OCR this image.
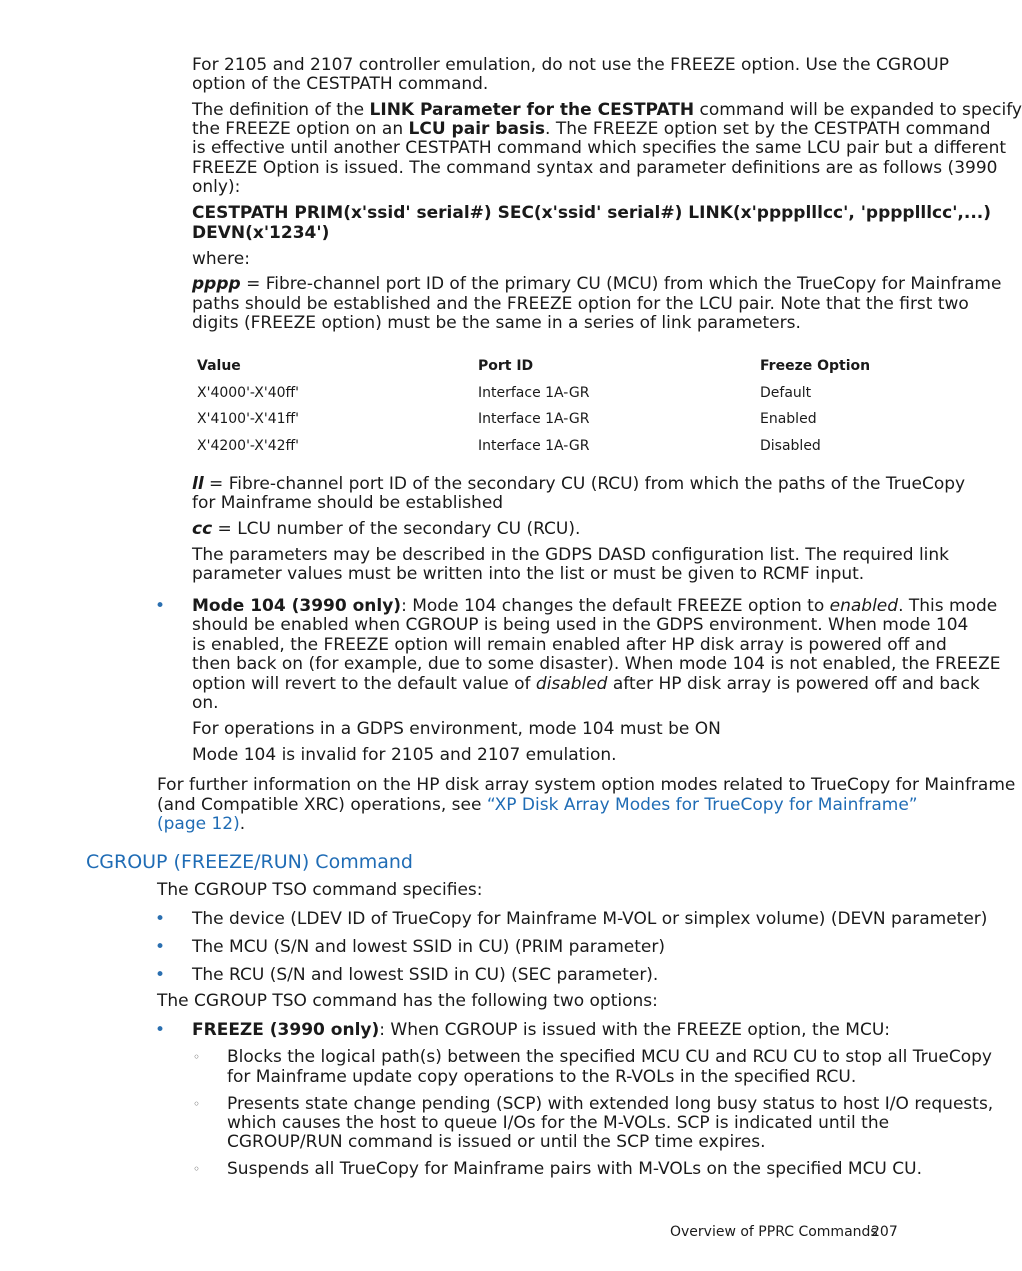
For 2105 and 2107 controller emulation, do not use the FREEZE option. Use the CGROUP

option of the CESTPATH command.

The definition of the LINK Parameter for the CESTPATH command will be expanded to specify

the FREEZE option on an LCU pair basis. The FREEZE option set by the CESTPATH command

is effective until another CESTPATH command which specifies the same LCU pair but a different

FREEZE Option is issued. The command syntax and parameter definitions are as follows (3990

only):

CESTPATH PRIM(x'ssid' serial#) SEC(x'ssid' serial#) LINK(x'pppplllcc', 'pppplllcc',...)

DEVN(x'1234')

where:

pppp = Fibre-channel port ID of the primary CU (MCU) from which the TrueCopy for Mainframe

paths should be established and the FREEZE option for the LCU pair. Note that the first two

digits (FREEZE option) must be the same in a series of link parameters.

Value	Port ID	Freeze Option

X'4000'-X'40ff'	Interface 1A-GR	Default

X'4100'-X'41ff'	Interface 1A-GR	Enabled

X'4200'-X'42ff'	Interface 1A-GR	Disabled

ll = Fibre-channel port ID of the secondary CU (RCU) from which the paths of the TrueCopy

for Mainframe should be established

cc = LCU number of the secondary CU (RCU).

The parameters may be described in the GDPS DASD configuration list. The required link

parameter values must be written into the list or must be given to RCMF input.

• Mode 104 (3990 only): Mode 104 changes the default FREEZE option to enabled. This mode

should be enabled when CGROUP is being used in the GDPS environment. When mode 104

is enabled, the FREEZE option will remain enabled after HP disk array is powered off and

then back on (for example, due to some disaster). When mode 104 is not enabled, the FREEZE

option will revert to the default value of disabled after HP disk array is powered off and back

on.

For operations in a GDPS environment, mode 104 must be ON

Mode 104 is invalid for 2105 and 2107 emulation.

For further information on the HP disk array system option modes related to TrueCopy for Mainframe

(and Compatible XRC) operations, see “XP Disk Array Modes for TrueCopy for Mainframe”

(page 12).

CGROUP (FREEZE/RUN) Command

The CGROUP TSO command specifies:

• The device (LDEV ID of TrueCopy for Mainframe M-VOL or simplex volume) (DEVN parameter)

• The MCU (S/N and lowest SSID in CU) (PRIM parameter)

• The RCU (S/N and lowest SSID in CU) (SEC parameter).

The CGROUP TSO command has the following two options:

• FREEZE (3990 only): When CGROUP is issued with the FREEZE option, the MCU:

◦ Blocks the logical path(s) between the specified MCU CU and RCU CU to stop all TrueCopy

for Mainframe update copy operations to the R-VOLs in the specified RCU.

◦ Presents state change pending (SCP) with extended long busy status to host I/O requests,

which causes the host to queue I/Os for the M-VOLs. SCP is indicated until the

CGROUP/RUN command is issued or until the SCP time expires.

◦ Suspends all TrueCopy for Mainframe pairs with M-VOLs on the specified MCU CU.

Overview of PPRC Commands

207
